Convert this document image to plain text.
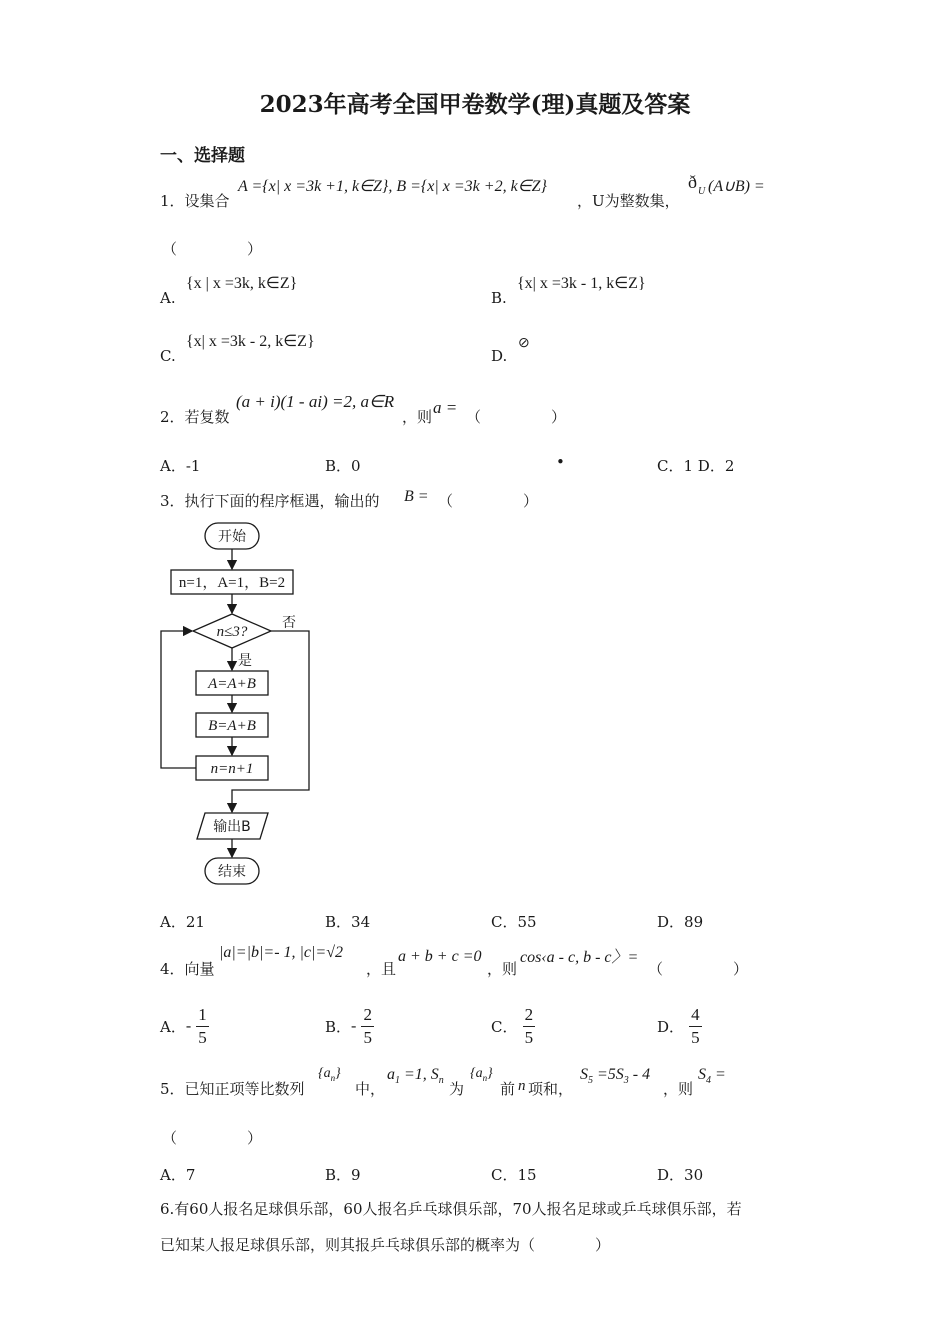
2023年高考全国甲卷数学(理)真题及答案
一、选择题
1．设集合
A ={x| x =3k +1, k∈Z}, B ={x| x =3k +2, k∈Z}
，U为整数集，
ð U (A∪B) =
（　　　　）
A.
{x | x =3k, k∈Z}
B.
{x| x =3k - 1, k∈Z}
C.
{x| x =3k - 2, k∈Z}
D.
⊘
2．若复数
(a + i)(1 - ai) =2, a∈R
，则 a = （　　　　）
A．-1	B．0	•	C．1 D．2
3．执行下面的程序框遇，输出的 B = （　　　　）
开始
n=1，A=1，B=2
n≤3?
否
是
A=A+B
B=A+B
n=n+1
输出B
结束
A．21	B．34	C．55	D．89
4．向量
|a|=|b|=- 1, |c|=√2
，且
a + b + c =0
，则
cos‹a - c, b - c〉=
（　　　　）
A．- $\frac{1}{5}$	B．- $\frac{2}{5}$	C． $\frac{2}{5}$	D． $\frac{4}{5}$
5．已知正项等比数列
$\{a_n\}$
中，
$a_1 =1$, $S_n$ 为
$\{a_n\}$
前 n 项和，
$S_5 =5S_3 - 4$
，则
$S_4$ =
（　　　　）
A．7	B．9	C．15	D．30
6.有60人报名足球俱乐部，60人报名乒乓球俱乐部，70人报名足球或乒乓球俱乐部，若
已知某人报足球俱乐部，则其报乒乓球俱乐部的概率为（　　　　）
